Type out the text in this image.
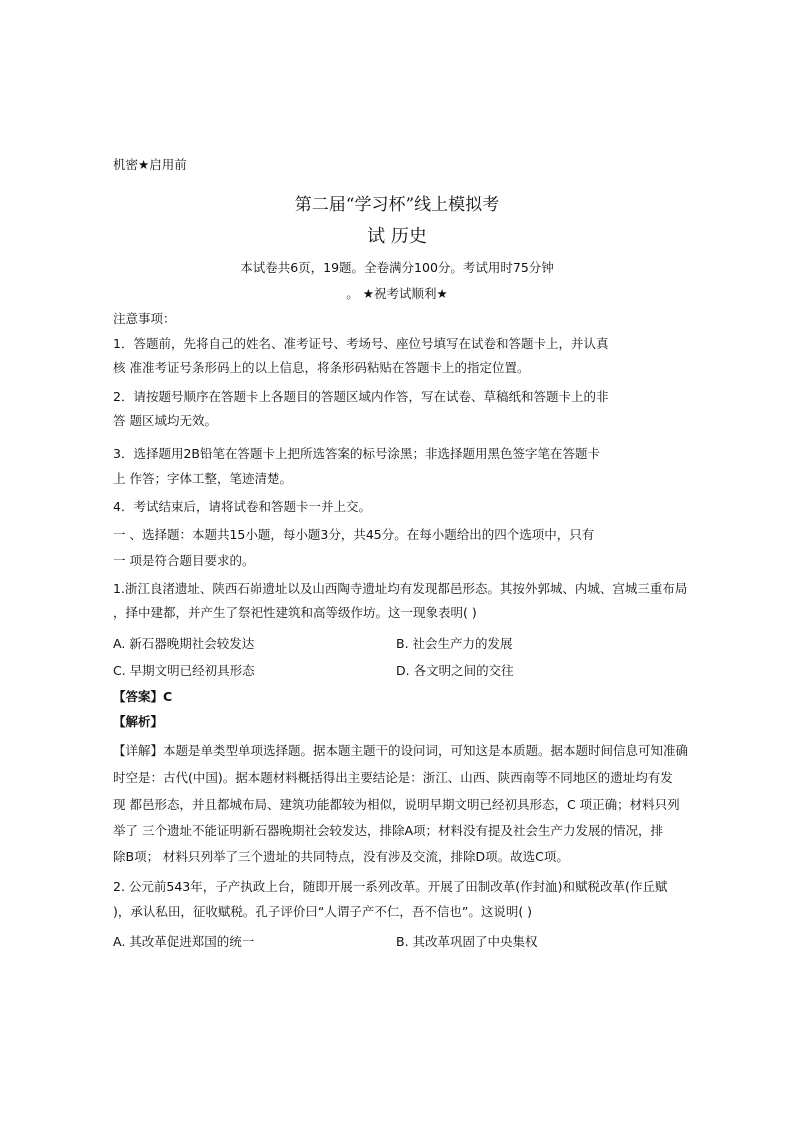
机密★启用前
第二届“学习杯”线上模拟考
试 历史
本试卷共6页，19题。全卷满分100分。考试用时75分钟
。 ★祝考试顺利★
注意事项：
1．答题前，先将自己的姓名、准考证号、考场号、座位号填写在试卷和答题卡上，并认真
核 准准考证号条形码上的以上信息，将条形码粘贴在答题卡上的指定位置。
2．请按题号顺序在答题卡上各题目的答题区域内作答，写在试卷、草稿纸和答题卡上的非
答 题区域均无效。
3．选择题用2B铅笔在答题卡上把所选答案的标号涂黑；非选择题用黑色签字笔在答题卡
上 作答；字体工整，笔迹清楚。
4．考试结束后，请将试卷和答题卡一并上交。
一 、选择题：本题共15小题，每小题3分，共45分。在每小题给出的四个选项中，只有
一 项是符合题目要求的。
1.浙江良渚遗址、陕西石峁遗址以及山西陶寺遗址均有发现都邑形态。其按外郭城、内城、宫城三重布局
，择中建都，并产生了祭祀性建筑和高等级作坊。这一现象表明( )
A. 新石器晚期社会较发达	B. 社会生产力的发展
C. 早期文明已经初具形态	D. 各文明之间的交往
【答案】C
【解析】
【详解】本题是单类型单项选择题。据本题主题干的设问词，可知这是本质题。据本题时间信息可知准确
时空是：古代(中国)。据本题材料概括得出主要结论是：浙江、山西、陕西南等不同地区的遗址均有发
现 都邑形态，并且都城布局、建筑功能都较为相似，说明早期文明已经初具形态，C 项正确；材料只列
举了 三个遗址不能证明新石器晚期社会较发达，排除A项；材料没有提及社会生产力发展的情况，排
除B项； 材料只列举了三个遗址的共同特点，没有涉及交流，排除D项。故选C项。
2. 公元前543年，子产执政上台，随即开展一系列改革。开展了田制改革(作封洫)和赋税改革(作丘赋
)，承认私田，征收赋税。孔子评价曰“人谓子产不仁，吾不信也”。这说明( )
A. 其改革促进郑国的统一	B. 其改革巩固了中央集权
